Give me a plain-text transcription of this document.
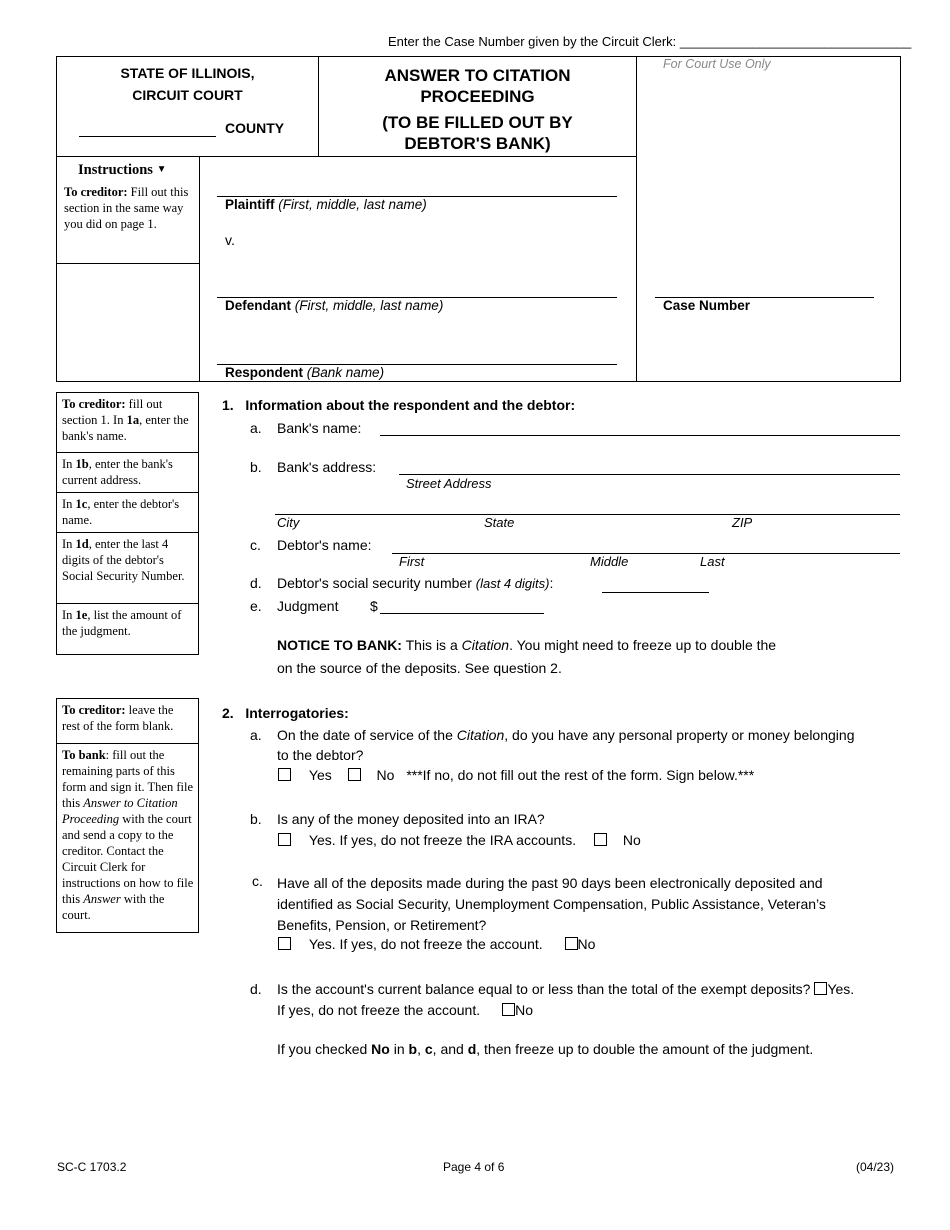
Enter the Case Number given by the Circuit Clerk: ________________________________
STATE OF ILLINOIS,
CIRCUIT COURT
COUNTY
ANSWER TO CITATION
PROCEEDING
(TO BE FILLED OUT BY
DEBTOR'S BANK)
For Court Use Only
Instructions ▼
To creditor: Fill out this section in the same way you did on page 1.
Plaintiff (First, middle, last name)
v.
Defendant (First, middle, last name)
Respondent (Bank name)
Case Number
To creditor: fill out section 1. In 1a, enter the bank's name.
In 1b, enter the bank's current address.
In 1c, enter the debtor's name.
In 1d, enter the last 4 digits of the debtor's Social Security Number.
In 1e, list the amount of the judgment.
1. Information about the respondent and the debtor:
a. Bank's name:
b. Bank's address:
Street Address
City	State	ZIP
c. Debtor's name:
First	Middle	Last
d. Debtor's social security number (last 4 digits):
e. Judgment $
NOTICE TO BANK: This is a Citation. You might need to freeze up to double the
on the source of the deposits. See question 2.
To creditor: leave the rest of the form blank.
To bank: fill out the remaining parts of this form and sign it. Then file this Answer to Citation Proceeding with the court and send a copy to the creditor. Contact the Circuit Clerk for instructions on how to file this Answer with the court.
2. Interrogatories:
a. On the date of service of the Citation, do you have any personal property or money belonging
to the debtor?
Yes	No ***If no, do not fill out the rest of the form. Sign below.***
b. Is any of the money deposited into an IRA?
Yes. If yes, do not freeze the IRA accounts.	No
c. Have all of the deposits made during the past 90 days been electronically deposited and
identified as Social Security, Unemployment Compensation, Public Assistance, Veteran’s
Benefits, Pension, or Retirement?
Yes. If yes, do not freeze the account. No
d. Is the account's current balance equal to or less than the total of the exempt deposits? Yes.
If yes, do not freeze the account.	No
If you checked No in b, c, and d, then freeze up to double the amount of the judgment.
SC-C 1703.2	Page 4 of 6	(04/23)
